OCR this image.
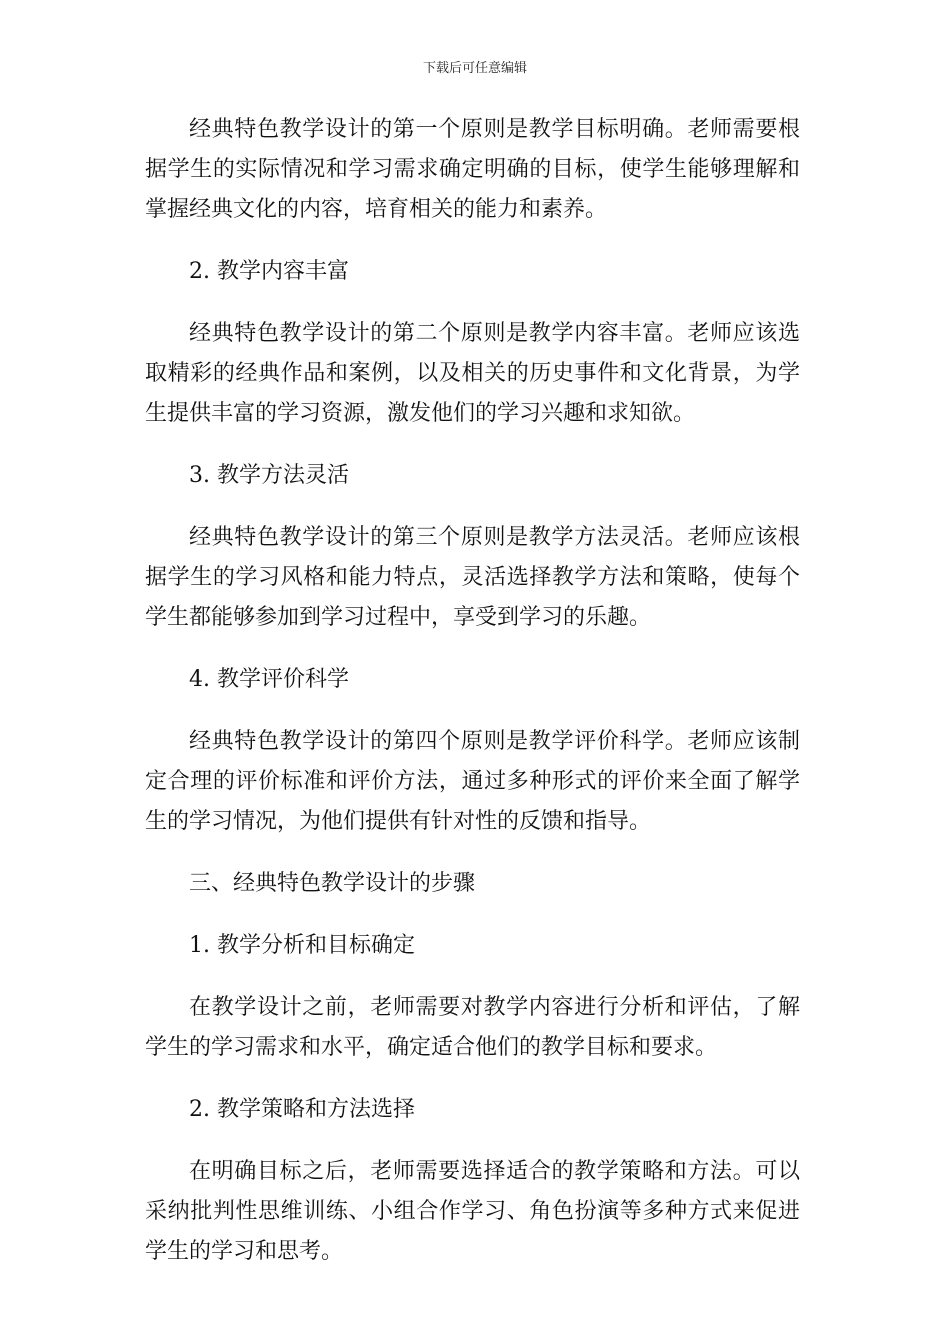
下载后可任意编辑

经典特色教学设计的第一个原则是教学目标明确。老师需要根据学生的实际情况和学习需求确定明确的目标，使学生能够理解和掌握经典文化的内容，培育相关的能力和素养。

2. 教学内容丰富

经典特色教学设计的第二个原则是教学内容丰富。老师应该选取精彩的经典作品和案例，以及相关的历史事件和文化背景，为学生提供丰富的学习资源，激发他们的学习兴趣和求知欲。

3. 教学方法灵活

经典特色教学设计的第三个原则是教学方法灵活。老师应该根据学生的学习风格和能力特点，灵活选择教学方法和策略，使每个学生都能够参加到学习过程中，享受到学习的乐趣。

4. 教学评价科学

经典特色教学设计的第四个原则是教学评价科学。老师应该制定合理的评价标准和评价方法，通过多种形式的评价来全面了解学生的学习情况，为他们提供有针对性的反馈和指导。

三、经典特色教学设计的步骤

1. 教学分析和目标确定

在教学设计之前，老师需要对教学内容进行分析和评估，了解学生的学习需求和水平，确定适合他们的教学目标和要求。

2. 教学策略和方法选择

在明确目标之后，老师需要选择适合的教学策略和方法。可以采纳批判性思维训练、小组合作学习、角色扮演等多种方式来促进学生的学习和思考。
